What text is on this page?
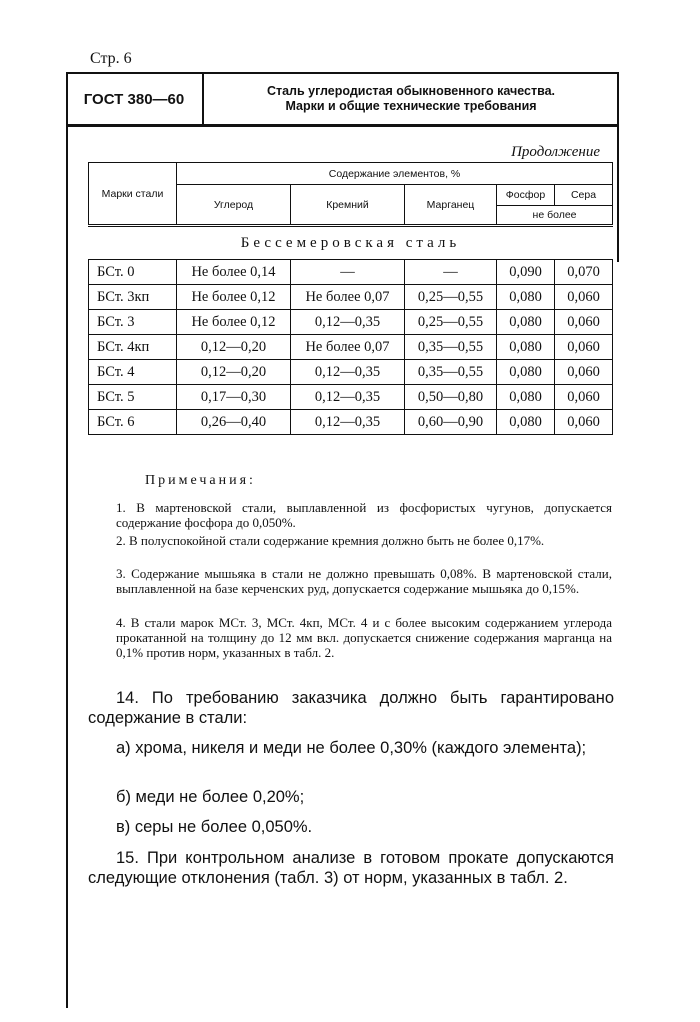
Стр. 6
ГОСТ 380—60	Сталь углеродистая обыкновенного качества.
Марки и общие технические требования
Продолжение
Марки стали	Содержание элементов, %				
	Углерод	Кремний	Марганец	Фосфор	Сера
				не более	
Бессемеровская сталь					
БСт. 0	Не более 0,14	—	—	0,090	0,070
БСт. 3кп	Не более 0,12	Не более 0,07	0,25—0,55	0,080	0,060
БСт. 3	Не более 0,12	0,12—0,35	0,25—0,55	0,080	0,060
БСт. 4кп	0,12—0,20	Не более 0,07	0,35—0,55	0,080	0,060
БСт. 4	0,12—0,20	0,12—0,35	0,35—0,55	0,080	0,060
БСт. 5	0,17—0,30	0,12—0,35	0,50—0,80	0,080	0,060
БСт. 6	0,26—0,40	0,12—0,35	0,60—0,90	0,080	0,060
Примечания:
1. В мартеновской стали, выплавленной из фосфористых чугунов, допускается содержание фосфора до 0,050%.
2. В полуспокойной стали содержание кремния должно быть не более 0,17%.
3. Содержание мышьяка в стали не должно превышать 0,08%. В мартеновской стали, выплавленной на базе керченских руд, допускается содержание мышьяка до 0,15%.
4. В стали марок МСт. 3, МСт. 4кп, МСт. 4 и с более высоким содержанием углерода прокатанной на толщину до 12 мм вкл. допускается снижение содержания марганца на 0,1% против норм, указанных в табл. 2.
14. По требованию заказчика должно быть гарантировано содержание в стали:
а) хрома, никеля и меди не более 0,30% (каждого элемента);
б) меди не более 0,20%;
в) серы не более 0,050%.
15. При контрольном анализе в готовом прокате допускаются следующие отклонения (табл. 3) от норм, указанных в табл. 2.
